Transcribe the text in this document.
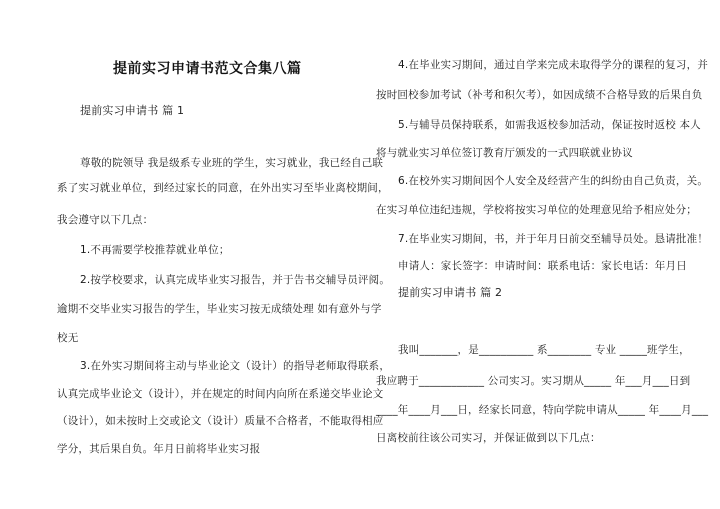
提前实习申请书范文合集八篇
提前实习申请书 篇 1
尊敬的院领导 我是级系专业班的学生，实习就业，我已经自己联
系了实习就业单位，到经过家长的同意，在外出实习至毕业离校期间，
我会遵守以下几点：
1.不再需要学校推荐就业单位；
2.按学校要求，认真完成毕业实习报告，并于告书交辅导员评阅。
逾期不交毕业实习报告的学生，毕业实习按无成绩处理 如有意外与学
校无
3.在外实习期间将主动与毕业论文（设计）的指导老师取得联系，
认真完成毕业论文（设计），并在规定的时间内向所在系递交毕业论文
（设计），如未按时上交或论文（设计）质量不合格者，不能取得相应
学分，其后果自负。年月日前将毕业实习报
4.在毕业实习期间，通过自学来完成未取得学分的课程的复习，并
按时回校参加考试（补考和积欠考），如因成绩不合格导致的后果自负
5.与辅导员保持联系，如需我返校参加活动，保证按时返校 本人
将与就业实习单位签订教育厅颁发的一式四联就业协议
6.在校外实习期间因个人安全及经营产生的纠纷由自己负责，关。
在实习单位违纪违规，学校将按实习单位的处理意见给予相应处分；
7.在毕业实习期间，书，并于年月日前交至辅导员处。恳请批准！
申请人：家长签字：申请时间：联系电话：家长电话：年月日
提前实习申请书 篇 2
我叫_______，是__________ 系________ 专业 _____班学生，
我应聘于____________ 公司实习。实习期从_____ 年___月___日到
____年____月___日，经家长同意，特向学院申请从_____ 年____月___
日离校前往该公司实习，并保证做到以下几点：
